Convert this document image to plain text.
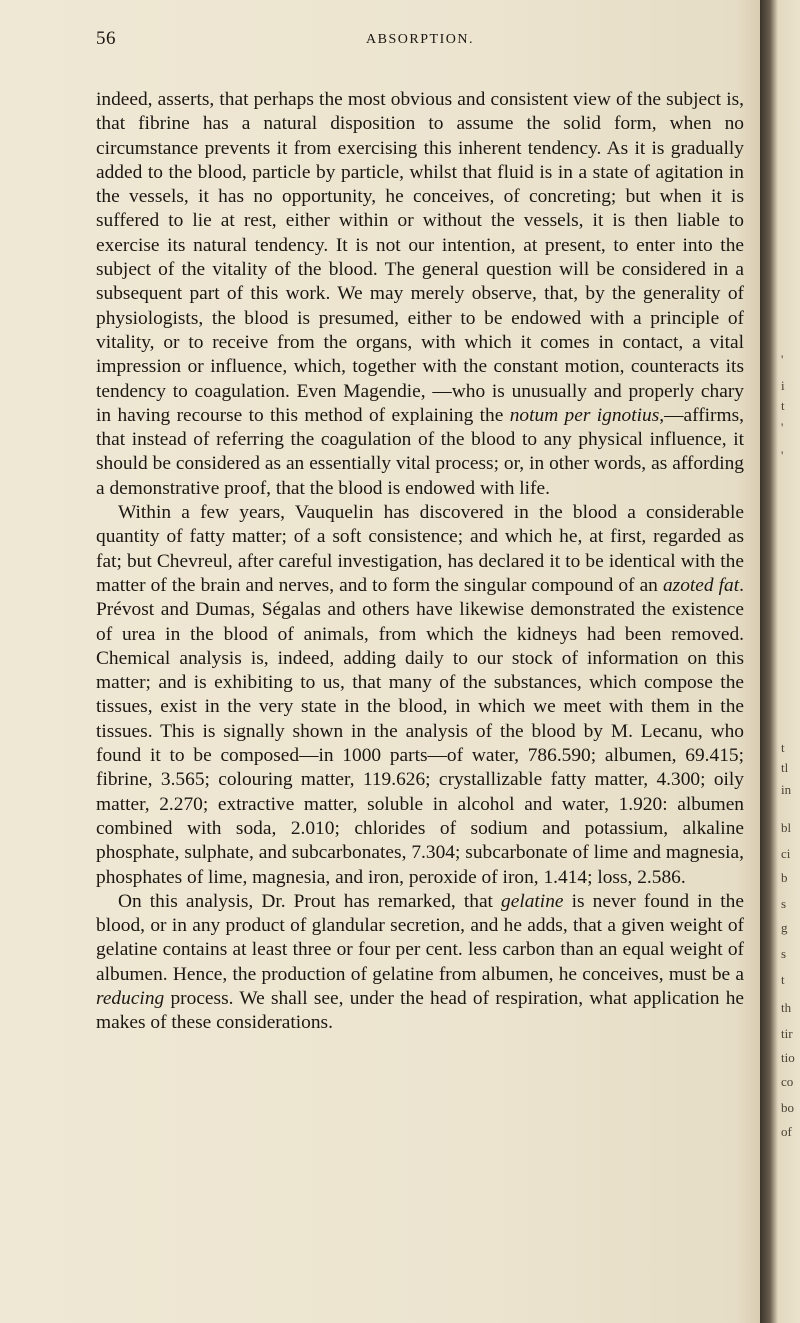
56	ABSORPTION.

indeed, asserts, that perhaps the most obvious and consistent view of the subject is, that fibrine has a natural disposition to assume the solid form, when no circumstance prevents it from exercising this inherent tendency. As it is gradually added to the blood, particle by particle, whilst that fluid is in a state of agitation in the vessels, it has no opportunity, he conceives, of concreting; but when it is suffered to lie at rest, either within or without the vessels, it is then liable to exercise its natural tendency. It is not our intention, at present, to enter into the subject of the vitality of the blood. The general question will be considered in a subsequent part of this work. We may merely observe, that, by the generality of physiologists, the blood is presumed, either to be endowed with a principle of vitality, or to receive from the organs, with which it comes in contact, a vital impression or influence, which, together with the constant motion, counteracts its tendency to coagulation. Even Magendie, —who is unusually and properly chary in having recourse to this method of explaining the notum per ignotius,—affirms, that instead of referring the coagulation of the blood to any physical influence, it should be considered as an essentially vital process; or, in other words, as affording a demonstrative proof, that the blood is endowed with life.

Within a few years, Vauquelin has discovered in the blood a considerable quantity of fatty matter; of a soft consistence; and which he, at first, regarded as fat; but Chevreul, after careful investigation, has declared it to be identical with the matter of the brain and nerves, and to form the singular compound of an azoted fat. Prévost and Dumas, Ségalas and others have likewise demonstrated the existence of urea in the blood of animals, from which the kidneys had been removed. Chemical analysis is, indeed, adding daily to our stock of information on this matter; and is exhibiting to us, that many of the substances, which compose the tissues, exist in the very state in the blood, in which we meet with them in the tissues. This is signally shown in the analysis of the blood by M. Lecanu, who found it to be composed—in 1000 parts—of water, 786.590; albumen, 69.415; fibrine, 3.565; colouring matter, 119.626; crystallizable fatty matter, 4.300; oily matter, 2.270; extractive matter, soluble in alcohol and water, 1.920: albumen combined with soda, 2.010; chlorides of sodium and potassium, alkaline phosphate, sulphate, and subcarbonates, 7.304; subcarbonate of lime and magnesia, phosphates of lime, magnesia, and iron, peroxide of iron, 1.414; loss, 2.586.

On this analysis, Dr. Prout has remarked, that gelatine is never found in the blood, or in any product of glandular secretion, and he adds, that a given weight of gelatine contains at least three or four per cent. less carbon than an equal weight of albumen. Hence, the production of gelatine from albumen, he conceives, must be a reducing process. We shall see, under the head of respiration, what application he makes of these considerations.

'
i
t
'
'
t
tl
in
bl
ci
b
s
g
s
t
th
tir
tio
co
bo
of
